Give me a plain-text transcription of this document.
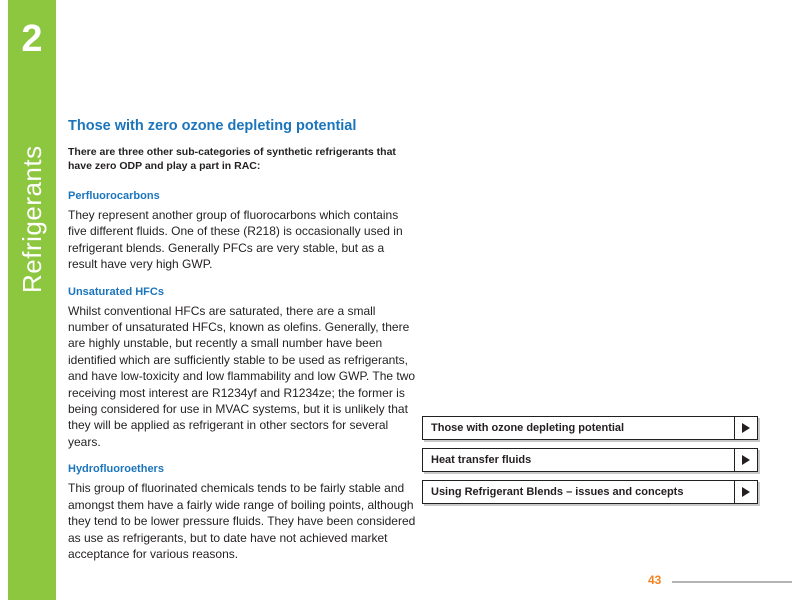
2
Refrigerants
Those with zero ozone depleting potential

There are three other sub-categories of synthetic refrigerants that have zero ODP and play a part in RAC:

Perfluorocarbons

They represent another group of fluorocarbons which contains five different fluids. One of these (R218) is occasionally used in refrigerant blends. Generally PFCs are very stable, but as a result have very high GWP.

Unsaturated HFCs

Whilst conventional HFCs are saturated, there are a small number of unsaturated HFCs, known as olefins. Generally, there are highly unstable, but recently a small number have been identified which are sufficiently stable to be used as refrigerants, and have low-toxicity and low flammability and low GWP. The two receiving most interest are R1234yf and R1234ze; the former is being considered for use in MVAC systems, but it is unlikely that they will be applied as refrigerant in other sectors for several years.

Hydrofluoroethers

This group of fluorinated chemicals tends to be fairly stable and amongst them have a fairly wide range of boiling points, although they tend to be lower pressure fluids. They have been considered as use as refrigerants, but to date have not achieved market acceptance for various reasons.

Those with ozone depleting potential
Heat transfer fluids
Using Refrigerant Blends – issues and concepts
43
